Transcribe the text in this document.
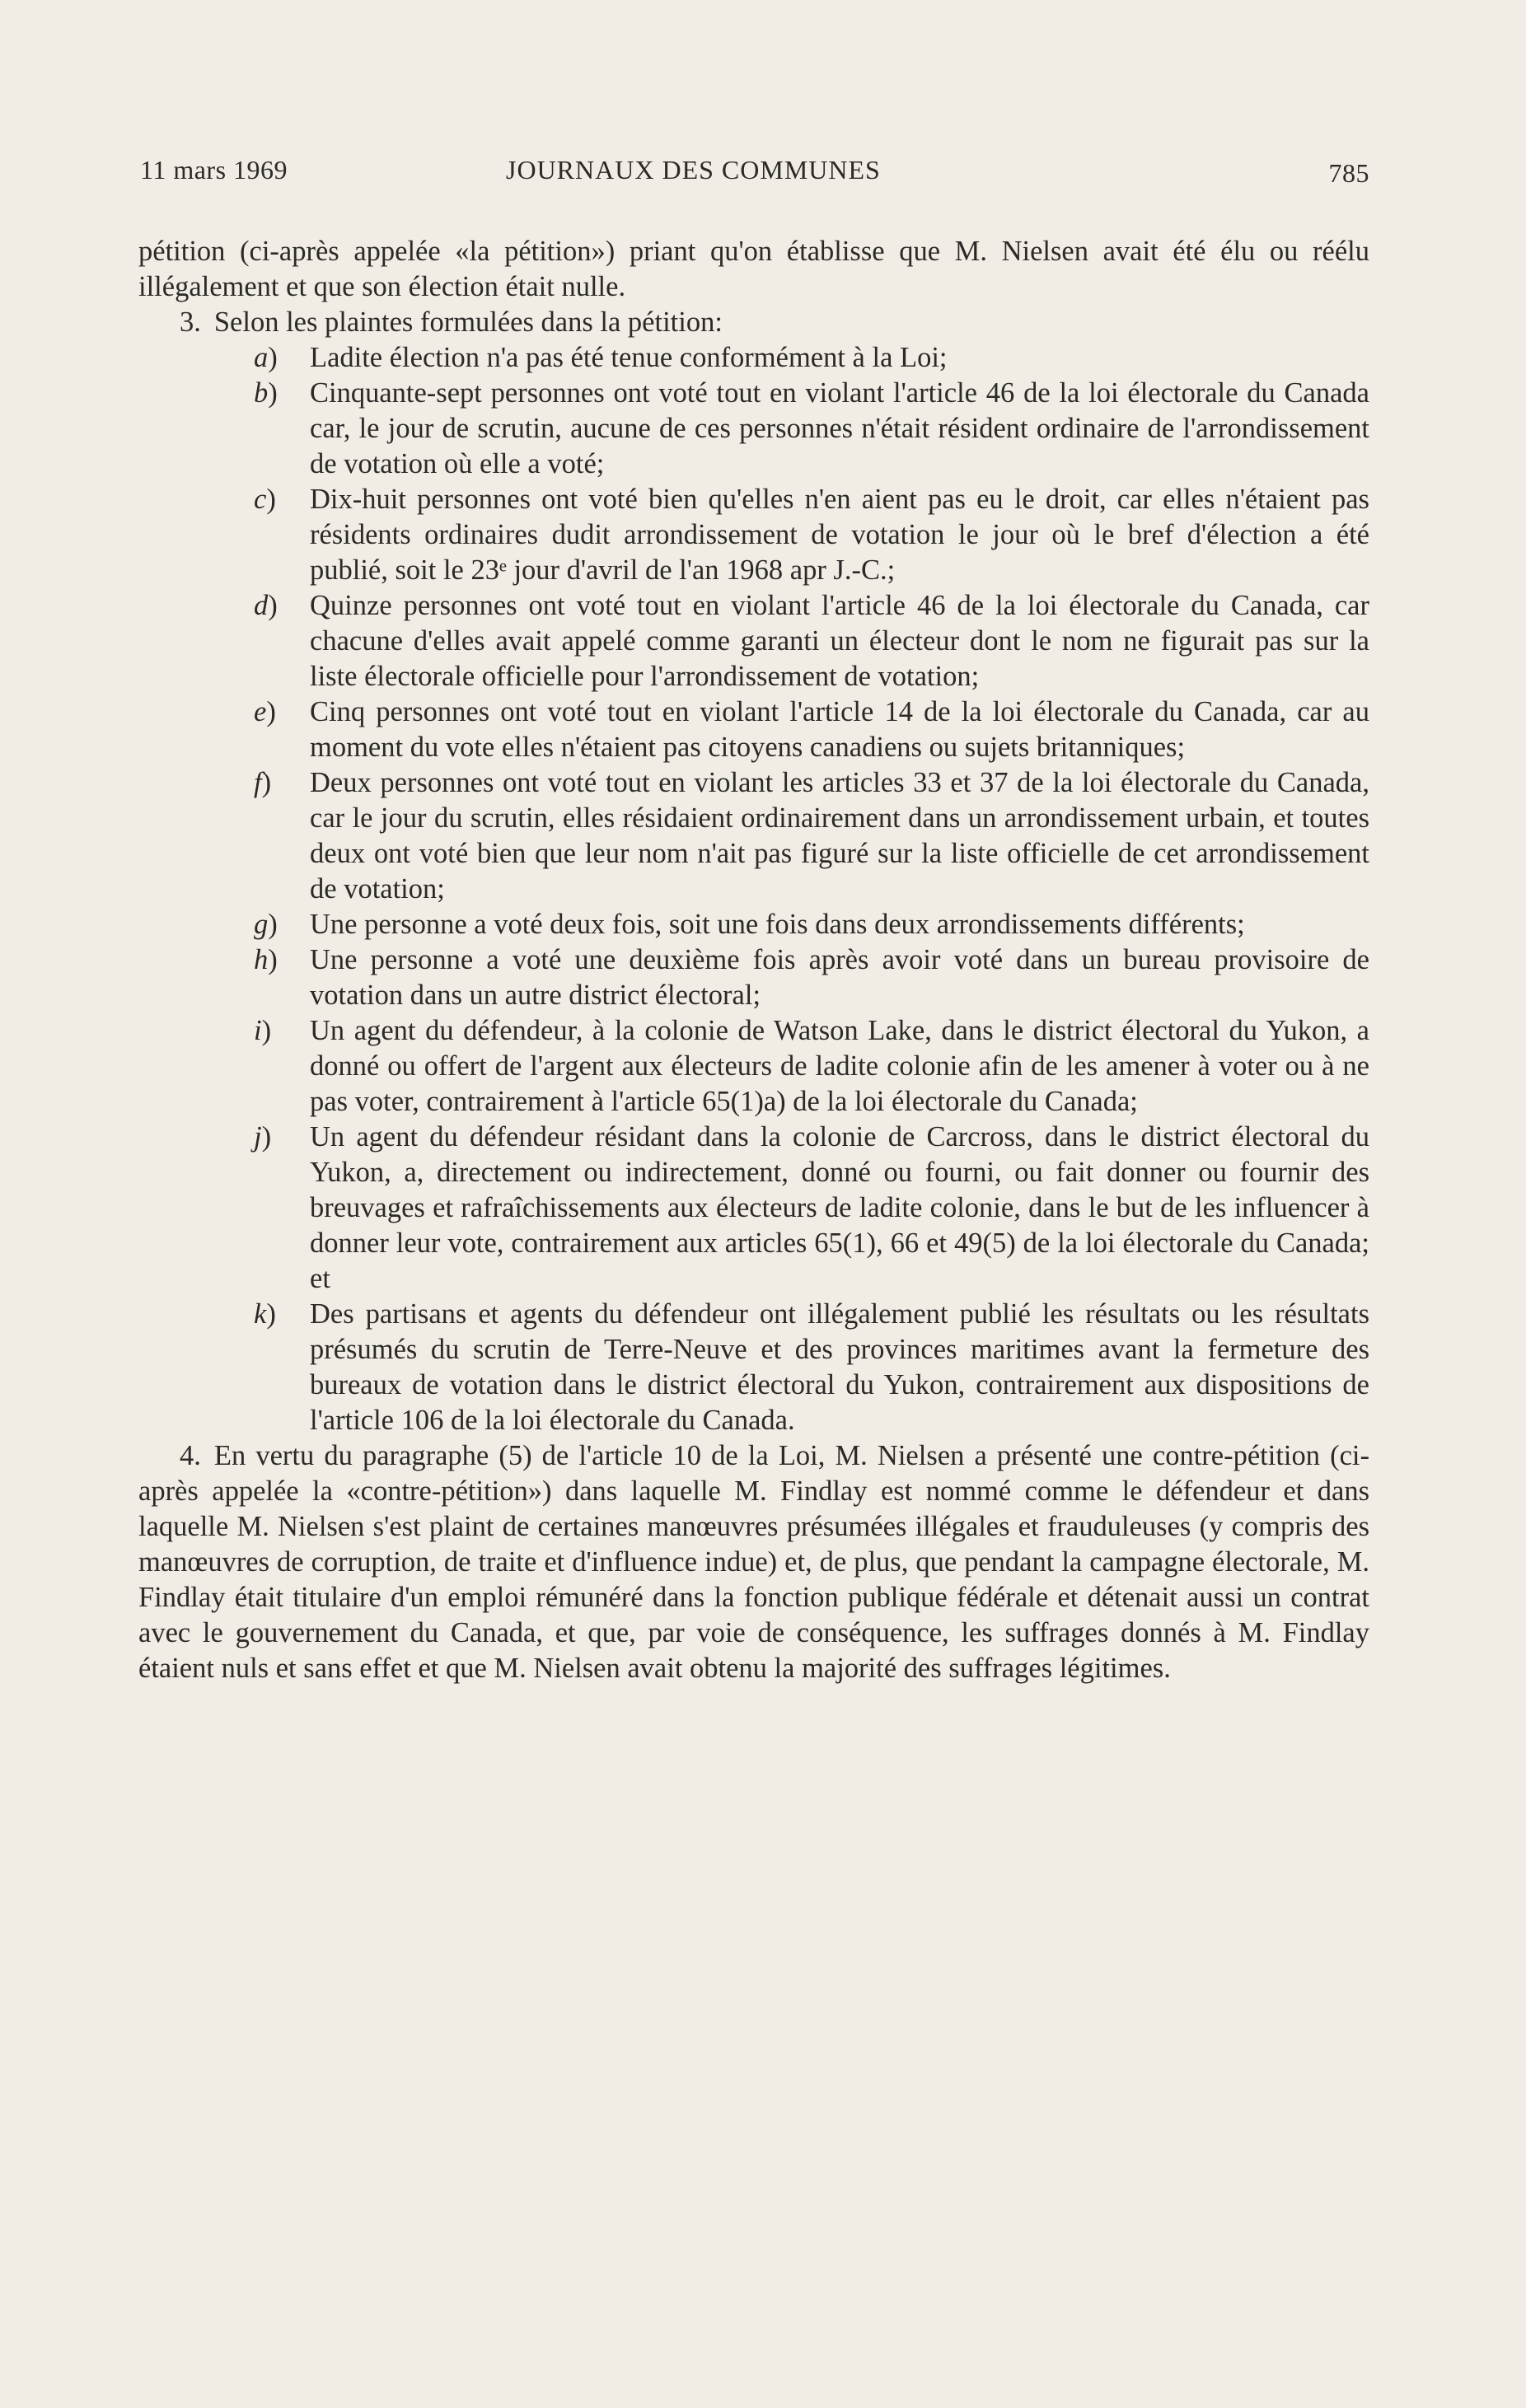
11 mars 1969	JOURNAUX DES COMMUNES	785

pétition (ci-après appelée «la pétition») priant qu'on établisse que M. Nielsen avait été élu ou réélu illégalement et que son élection était nulle.

3. Selon les plaintes formulées dans la pétition:

a )	Ladite élection n'a pas été tenue conformément à la Loi;
b )	Cinquante-sept personnes ont voté tout en violant l'article 46 de la loi électorale du Canada car, le jour de scrutin, aucune de ces personnes n'était résident ordinaire de l'arrondissement de votation où elle a voté;
c )	Dix-huit personnes ont voté bien qu'elles n'en aient pas eu le droit, car elles n'étaient pas résidents ordinaires dudit arrondissement de votation le jour où le bref d'élection a été publié, soit le 23ᵉ jour d'avril de l'an 1968 apr J.-C.;
d )	Quinze personnes ont voté tout en violant l'article 46 de la loi électorale du Canada, car chacune d'elles avait appelé comme garanti un électeur dont le nom ne figurait pas sur la liste électorale officielle pour l'arrondissement de votation;
e )	Cinq personnes ont voté tout en violant l'article 14 de la loi électorale du Canada, car au moment du vote elles n'étaient pas citoyens canadiens ou sujets britanniques;
f )	Deux personnes ont voté tout en violant les articles 33 et 37 de la loi électorale du Canada, car le jour du scrutin, elles résidaient ordinairement dans un arrondissement urbain, et toutes deux ont voté bien que leur nom n'ait pas figuré sur la liste officielle de cet arrondissement de votation;
g )	Une personne a voté deux fois, soit une fois dans deux arrondissements différents;
h )	Une personne a voté une deuxième fois après avoir voté dans un bureau provisoire de votation dans un autre district électoral;
i )	Un agent du défendeur, à la colonie de Watson Lake, dans le district électoral du Yukon, a donné ou offert de l'argent aux électeurs de ladite colonie afin de les amener à voter ou à ne pas voter, contrairement à l'article 65(1)a) de la loi électorale du Canada;
j )	Un agent du défendeur résidant dans la colonie de Carcross, dans le district électoral du Yukon, a, directement ou indirectement, donné ou fourni, ou fait donner ou fournir des breuvages et rafraîchissements aux électeurs de ladite colonie, dans le but de les influencer à donner leur vote, contrairement aux articles 65(1), 66 et 49(5) de la loi électorale du Canada; et
k )	Des partisans et agents du défendeur ont illégalement publié les résultats ou les résultats présumés du scrutin de Terre-Neuve et des provinces maritimes avant la fermeture des bureaux de votation dans le district électoral du Yukon, contrairement aux dispositions de l'article 106 de la loi électorale du Canada.

4. En vertu du paragraphe (5) de l'article 10 de la Loi, M. Nielsen a présenté une contre-pétition (ci-après appelée la «contre-pétition») dans laquelle M. Findlay est nommé comme le défendeur et dans laquelle M. Nielsen s'est plaint de certaines manœuvres présumées illégales et frauduleuses (y compris des manœuvres de corruption, de traite et d'influence indue) et, de plus, que pendant la campagne électorale, M. Findlay était titulaire d'un emploi rémunéré dans la fonction publique fédérale et détenait aussi un contrat avec le gouvernement du Canada, et que, par voie de conséquence, les suffrages donnés à M. Findlay étaient nuls et sans effet et que M. Nielsen avait obtenu la majorité des suffrages légitimes.
